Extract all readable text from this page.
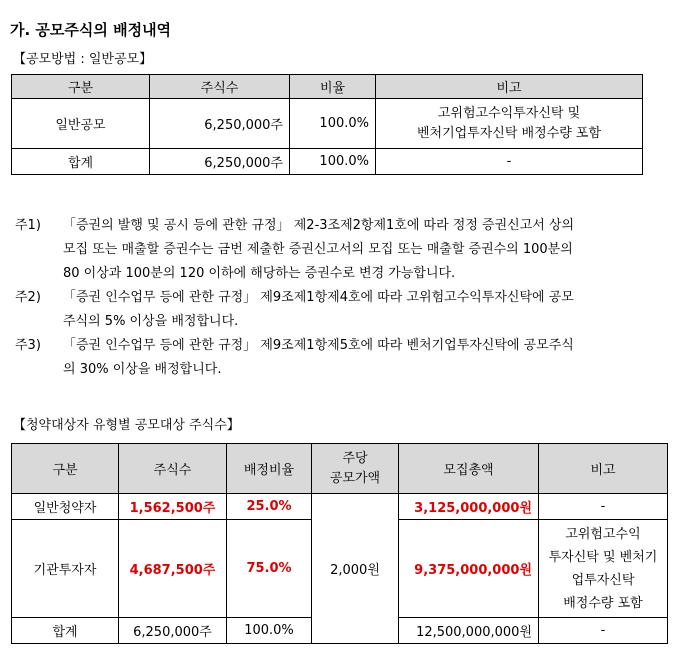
가. 공모주식의 배정내역
【공모방법 : 일반공모】
구분	주식수	비율	비고
일반공모	6,250,000주	100.0%	고위험고수익투자신탁 및
벤처기업투자신탁 배정수량 포함

합계	6,250,000주	100.0%	-
주1)	「증권의 발행 및 공시 등에 관한 규정」 제2-3조제2항제1호에 따라 정정 증권신고서 상의
모집 또는 매출할 증권수는 금번 제출한 증권신고서의 모집 또는 매출할 증권수의 100분의
80 이상과 100분의 120 이하에 해당하는 증권수로 변경 가능합니다.
주2)	「증권 인수업무 등에 관한 규정」 제9조제1항제4호에 따라 고위험고수익투자신탁에 공모
주식의 5% 이상을 배정합니다.
주3)	「증권 인수업무 등에 관한 규정」 제9조제1항제5호에 따라 벤처기업투자신탁에 공모주식
의 30% 이상을 배정합니다.
【청약대상자 유형별 공모대상 주식수】
구분	주식수	배정비율	주당
공모가액	모집총액	비고
일반청약자	1,562,500주	25.0%	2,000원	3,125,000,000원	-
기관투자자	4,687,500주	75.0%		9,375,000,000원	고위험고수익
투자신탁 및 벤처기
업투자신탁
배정수량 포함

합계	6,250,000주	100.0%		12,500,000,000원	-
